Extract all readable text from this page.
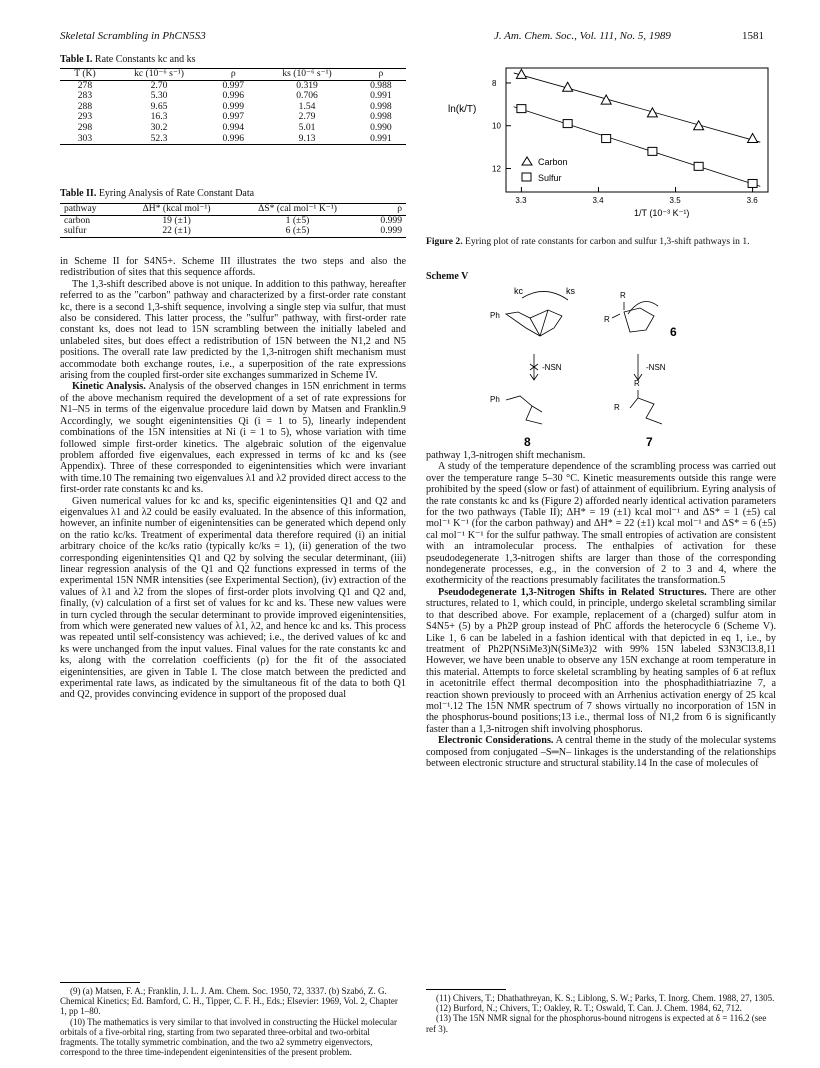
Skeletal Scrambling in PhCN5S3	J. Am. Chem. Soc., Vol. 111, No. 5, 1989	1581
Table I. Rate Constants kc and ks
T (K)	kc (10⁻⁶ s⁻¹)	ρ	ks (10⁻⁶ s⁻¹)	ρ
278	2.70	0.997	0.319	0.988
283	5.30	0.996	0.706	0.991
288	9.65	0.999	1.54	0.998
293	16.3	0.997	2.79	0.998
298	30.2	0.994	5.01	0.990
303	52.3	0.996	9.13	0.991
Table II. Eyring Analysis of Rate Constant Data
pathway	ΔH* (kcal mol⁻¹)	ΔS* (cal mol⁻¹ K⁻¹)	ρ
carbon	19 (±1)	1 (±5)	0.999
sulfur	22 (±1)	6 (±5)	0.999

in Scheme II for S4N5+. Scheme III illustrates the two steps and also the redistribution of sites that this sequence affords.

The 1,3-shift described above is not unique. In addition to this pathway, hereafter referred to as the "carbon" pathway and characterized by a first-order rate constant kc, there is a second 1,3-shift sequence, involving a single step via sulfur, that must also be considered. This latter process, the "sulfur" pathway, with first-order rate constant ks, does not lead to 15N scrambling between the initially labeled and unlabeled sites, but does effect a redistribution of 15N between the N1,2 and N5 positions. The overall rate law predicted by the 1,3-nitrogen shift mechanism must accommodate both exchange routes, i.e., a superposition of the rate expressions arising from the coupled first-order site exchanges summarized in Scheme IV.

Kinetic Analysis. Analysis of the observed changes in 15N enrichment in terms of the above mechanism required the development of a set of rate expressions for N1–N5 in terms of the eigenvalue procedure laid down by Matsen and Franklin.9 Accordingly, we sought eigenintensities Qi (i = 1 to 5), linearly independent combinations of the 15N intensities at Ni (i = 1 to 5), whose variation with time followed simple first-order kinetics. The algebraic solution of the eigenvalue problem afforded five eigenvalues, each expressed in terms of kc and ks (see Appendix). Three of these corresponded to eigenintensities which were invariant with time.10 The remaining two eigenvalues λ1 and λ2 provided direct access to the first-order rate constants kc and ks.

Given numerical values for kc and ks, specific eigenintensities Q1 and Q2 and eigenvalues λ1 and λ2 could be easily evaluated. In the absence of this information, however, an infinite number of eigenintensities can be generated which depend only on the ratio kc/ks. Treatment of experimental data therefore required (i) an initial arbitrary choice of the kc/ks ratio (typically kc/ks = 1), (ii) generation of the two corresponding eigenintensities Q1 and Q2 by solving the secular determinant, (iii) linear regression analysis of the Q1 and Q2 functions expressed in terms of the experimental 15N NMR intensities (see Experimental Section), (iv) extraction of the values of λ1 and λ2 from the slopes of first-order plots involving Q1 and Q2 and, finally, (v) calculation of a first set of values for kc and ks. These new values were in turn cycled through the secular determinant to provide improved eigenintensities, from which were generated new values of λ1, λ2, and hence kc and ks. This process was repeated until self-consistency was achieved; i.e., the derived values of kc and ks were unchanged from the input values. Final values for the rate constants kc and ks, along with the correlation coefficients (ρ) for the fit of the associated eigenintensities, are given in Table I. The close match between the predicted and experimental rate laws, as indicated by the simultaneous fit of the data to both Q1 and Q2, provides convincing evidence in support of the proposed dual

(9) (a) Matsen, F. A.; Franklin, J. L. J. Am. Chem. Soc. 1950, 72, 3337. (b) Szabó, Z. G. Chemical Kinetics; Ed. Bamford, C. H., Tipper, C. F. H., Eds.; Elsevier: 1969, Vol. 2, Chapter 1, pp 1–80.
(10) The mathematics is very similar to that involved in constructing the Hückel molecular orbitals of a five-orbital ring, starting from two separated three-orbital and two-orbital fragments. The totally symmetric combination, and the two a2 symmetry eigenvectors, correspond to the three time-independent eigenintensities of the present problem.
ln(k/T)
1/T (10⁻³ K⁻¹)
3.3	3.4	3.5	3.6
8
10
12
Carbon
Sulfur
Figure 2. Eyring plot of rate constants for carbon and sulfur 1,3-shift pathways in 1.
Scheme V
kc	ks
Ph
R
R
6
-NSN	-NSN
Ph
8
R
R
7

pathway 1,3-nitrogen shift mechanism.

A study of the temperature dependence of the scrambling process was carried out over the temperature range 5–30 °C. Kinetic measurements outside this range were prohibited by the speed (slow or fast) of attainment of equilibrium. Eyring analysis of the rate constants kc and ks (Figure 2) afforded nearly identical activation parameters for the two pathways (Table II); ΔH* = 19 (±1) kcal mol⁻¹ and ΔS* = 1 (±5) cal mol⁻¹ K⁻¹ (for the carbon pathway) and ΔH* = 22 (±1) kcal mol⁻¹ and ΔS* = 6 (±5) cal mol⁻¹ K⁻¹ for the sulfur pathway. The small entropies of activation are consistent with an intramolecular process. The enthalpies of activation for these pseudodegenerate 1,3-nitrogen shifts are larger than those of the corresponding nondegenerate processes, e.g., in the conversion of 2 to 3 and 4, where the exothermicity of the reactions presumably facilitates the transformation.5

Pseudodegenerate 1,3-Nitrogen Shifts in Related Structures. There are other structures, related to 1, which could, in principle, undergo skeletal scrambling similar to that described above. For example, replacement of a (charged) sulfur atom in S4N5+ (5) by a Ph2P group instead of PhC affords the heterocycle 6 (Scheme V). Like 1, 6 can be labeled in a fashion identical with that depicted in eq 1, i.e., by treatment of Ph2P(NSiMe3)N(SiMe3)2 with 99% 15N labeled S3N3Cl3.8,11 However, we have been unable to observe any 15N exchange at room temperature in this material. Attempts to force skeletal scrambling by heating samples of 6 at reflux in acetonitrile effect thermal decomposition into the phosphadithiatriazine 7, a reaction shown previously to proceed with an Arrhenius activation energy of 25 kcal mol⁻¹.12 The 15N NMR spectrum of 7 shows virtually no incorporation of 15N in the phosphorus-bound positions;13 i.e., thermal loss of N1,2 from 6 is significantly faster than a 1,3-nitrogen shift involving phosphorus.

Electronic Considerations. A central theme in the study of the molecular systems composed from conjugated –S═N– linkages is the understanding of the relationships between electronic structure and structural stability.14 In the case of molecules of

(11) Chivers, T.; Dhathathreyan, K. S.; Liblong, S. W.; Parks, T. Inorg. Chem. 1988, 27, 1305.
(12) Burford, N.; Chivers, T.; Oakley, R. T.; Oswald, T. Can. J. Chem. 1984, 62, 712.
(13) The 15N NMR signal for the phosphorus-bound nitrogens is expected at δ = 116.2 (see ref 3).
